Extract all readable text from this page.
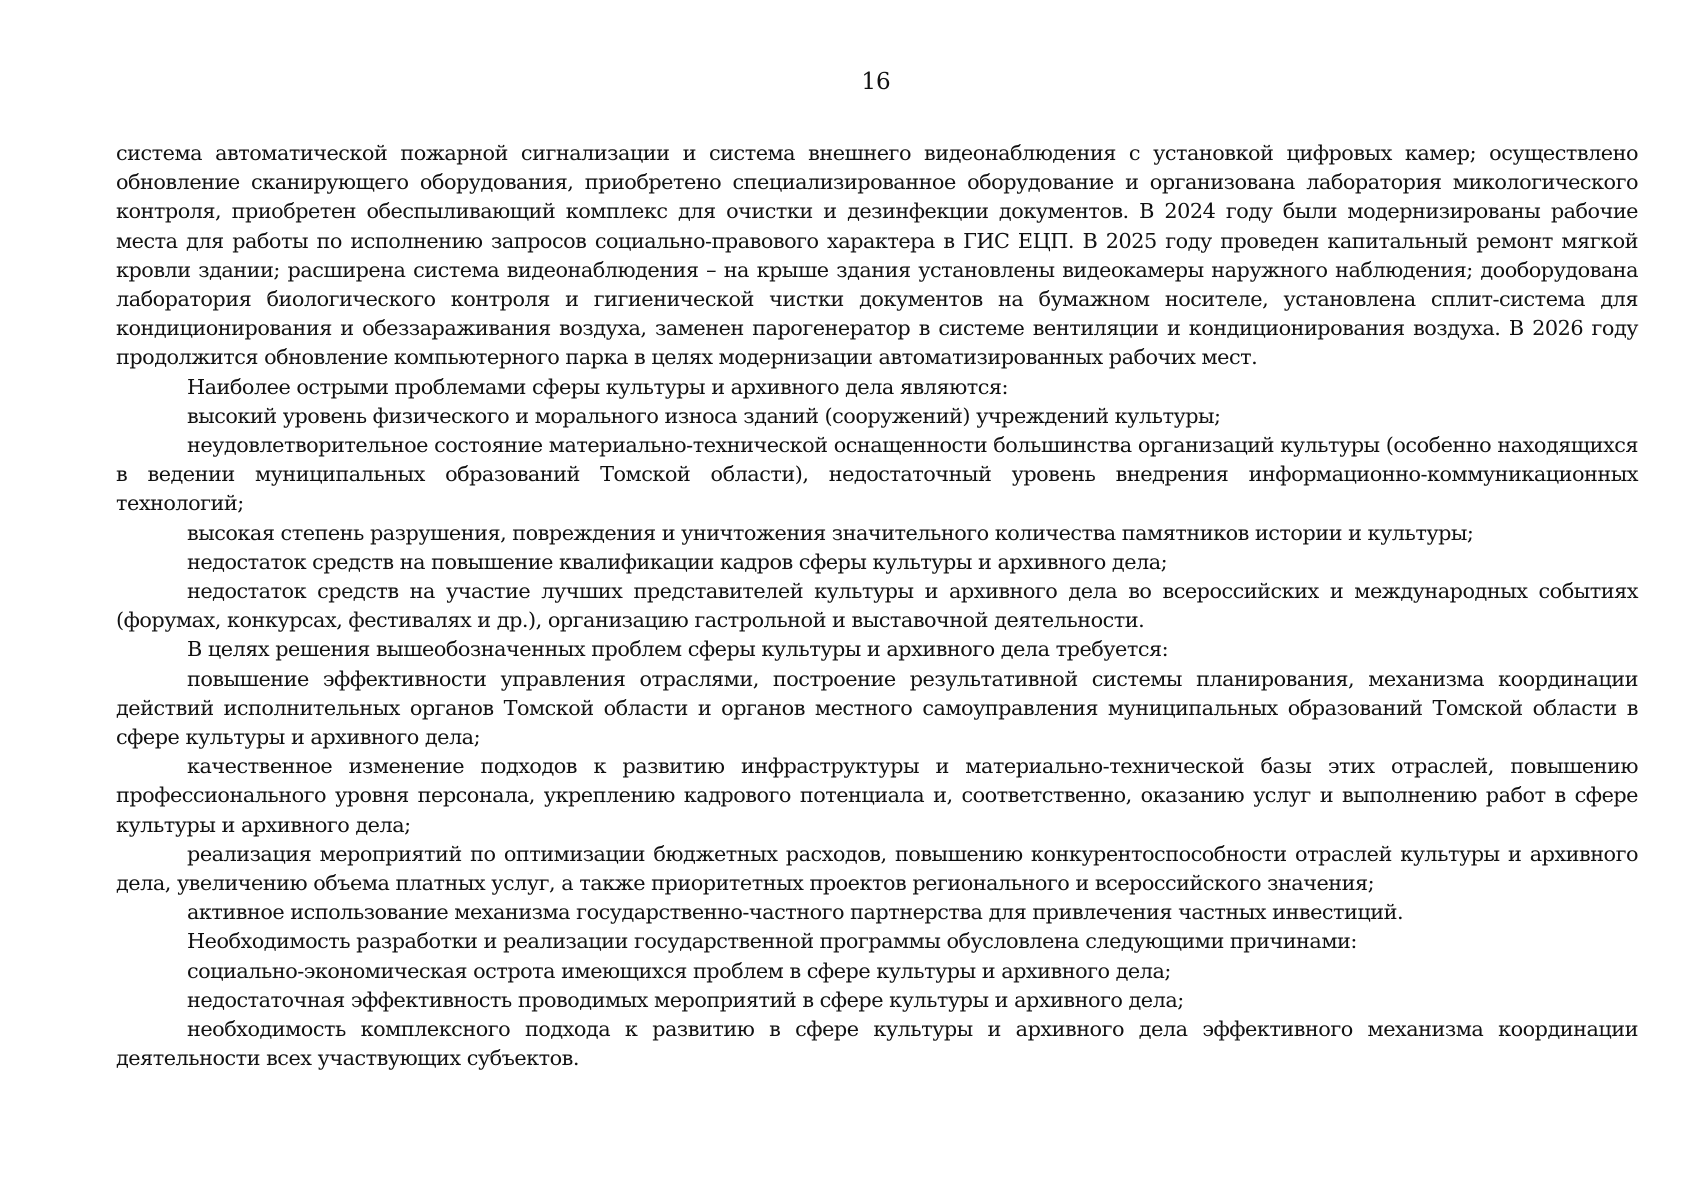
16

система автоматической пожарной сигнализации и система внешнего видеонаблюдения с установкой цифровых камер; осуществлено обновление сканирующего оборудования, приобретено специализированное оборудование и организована лаборатория микологического контроля, приобретен обеспыливающий комплекс для очистки и дезинфекции документов. В 2024 году были модернизированы рабочие места для работы по исполнению запросов социально-правового характера в ГИС ЕЦП. В 2025 году проведен капитальный ремонт мягкой кровли здании; расширена система видеонаблюдения – на крыше здания установлены видеокамеры наружного наблюдения; дооборудована лаборатория биологического контроля и гигиенической чистки документов на бумажном носителе, установлена сплит-система для кондиционирования и обеззараживания воздуха, заменен парогенератор в системе вентиляции и кондиционирования воздуха. В 2026 году продолжится обновление компьютерного парка в целях модернизации автоматизированных рабочих мест.

Наиболее острыми проблемами сферы культуры и архивного дела являются:

высокий уровень физического и морального износа зданий (сооружений) учреждений культуры;

неудовлетворительное состояние материально-технической оснащенности большинства организаций культуры (особенно находящихся в ведении муниципальных образований Томской области), недостаточный уровень внедрения информационно-коммуникационных технологий;

высокая степень разрушения, повреждения и уничтожения значительного количества памятников истории и культуры;

недостаток средств на повышение квалификации кадров сферы культуры и архивного дела;

недостаток средств на участие лучших представителей культуры и архивного дела во всероссийских и международных событиях (форумах, конкурсах, фестивалях и др.), организацию гастрольной и выставочной деятельности.

В целях решения вышеобозначенных проблем сферы культуры и архивного дела требуется:

повышение эффективности управления отраслями, построение результативной системы планирования, механизма координации действий исполнительных органов Томской области и органов местного самоуправления муниципальных образований Томской области в сфере культуры и архивного дела;

качественное изменение подходов к развитию инфраструктуры и материально-технической базы этих отраслей, повышению профессионального уровня персонала, укреплению кадрового потенциала и, соответственно, оказанию услуг и выполнению работ в сфере культуры и архивного дела;

реализация мероприятий по оптимизации бюджетных расходов, повышению конкурентоспособности отраслей культуры и архивного дела, увеличению объема платных услуг, а также приоритетных проектов регионального и всероссийского значения;

активное использование механизма государственно-частного партнерства для привлечения частных инвестиций.

Необходимость разработки и реализации государственной программы обусловлена следующими причинами:

социально-экономическая острота имеющихся проблем в сфере культуры и архивного дела;

недостаточная эффективность проводимых мероприятий в сфере культуры и архивного дела;

необходимость комплексного подхода к развитию в сфере культуры и архивного дела эффективного механизма координации деятельности всех участвующих субъектов.
